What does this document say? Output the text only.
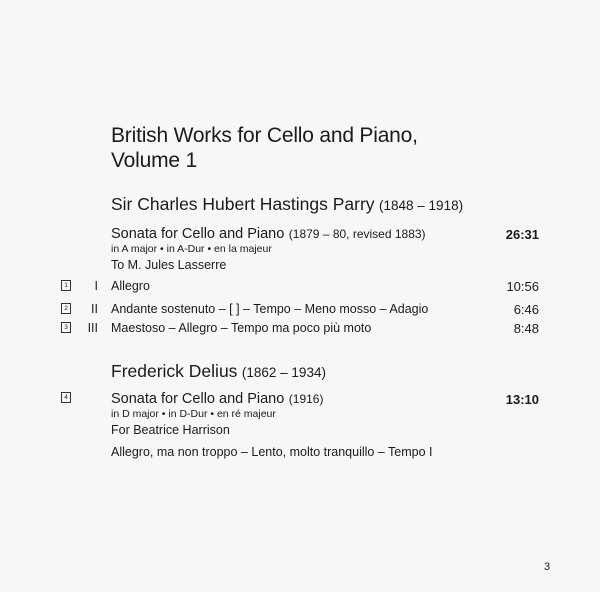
British Works for Cello and Piano,
Volume 1
Sir Charles Hubert Hastings Parry (1848 – 1918)
Sonata for Cello and Piano (1879 – 80, revised 1883)	26:31
in A major • in A-Dur • en la majeur
To M. Jules Lasserre
1	I Allegro	10:56
2	II Andante sostenuto – [ ] – Tempo – Meno mosso – Adagio	6:46
3	III Maestoso – Allegro – Tempo ma poco più moto	8:48
Frederick Delius (1862 – 1934)
4	Sonata for Cello and Piano (1916)	13:10
in D major • in D-Dur • en ré majeur
For Beatrice Harrison
Allegro, ma non troppo – Lento, molto tranquillo – Tempo I
3
